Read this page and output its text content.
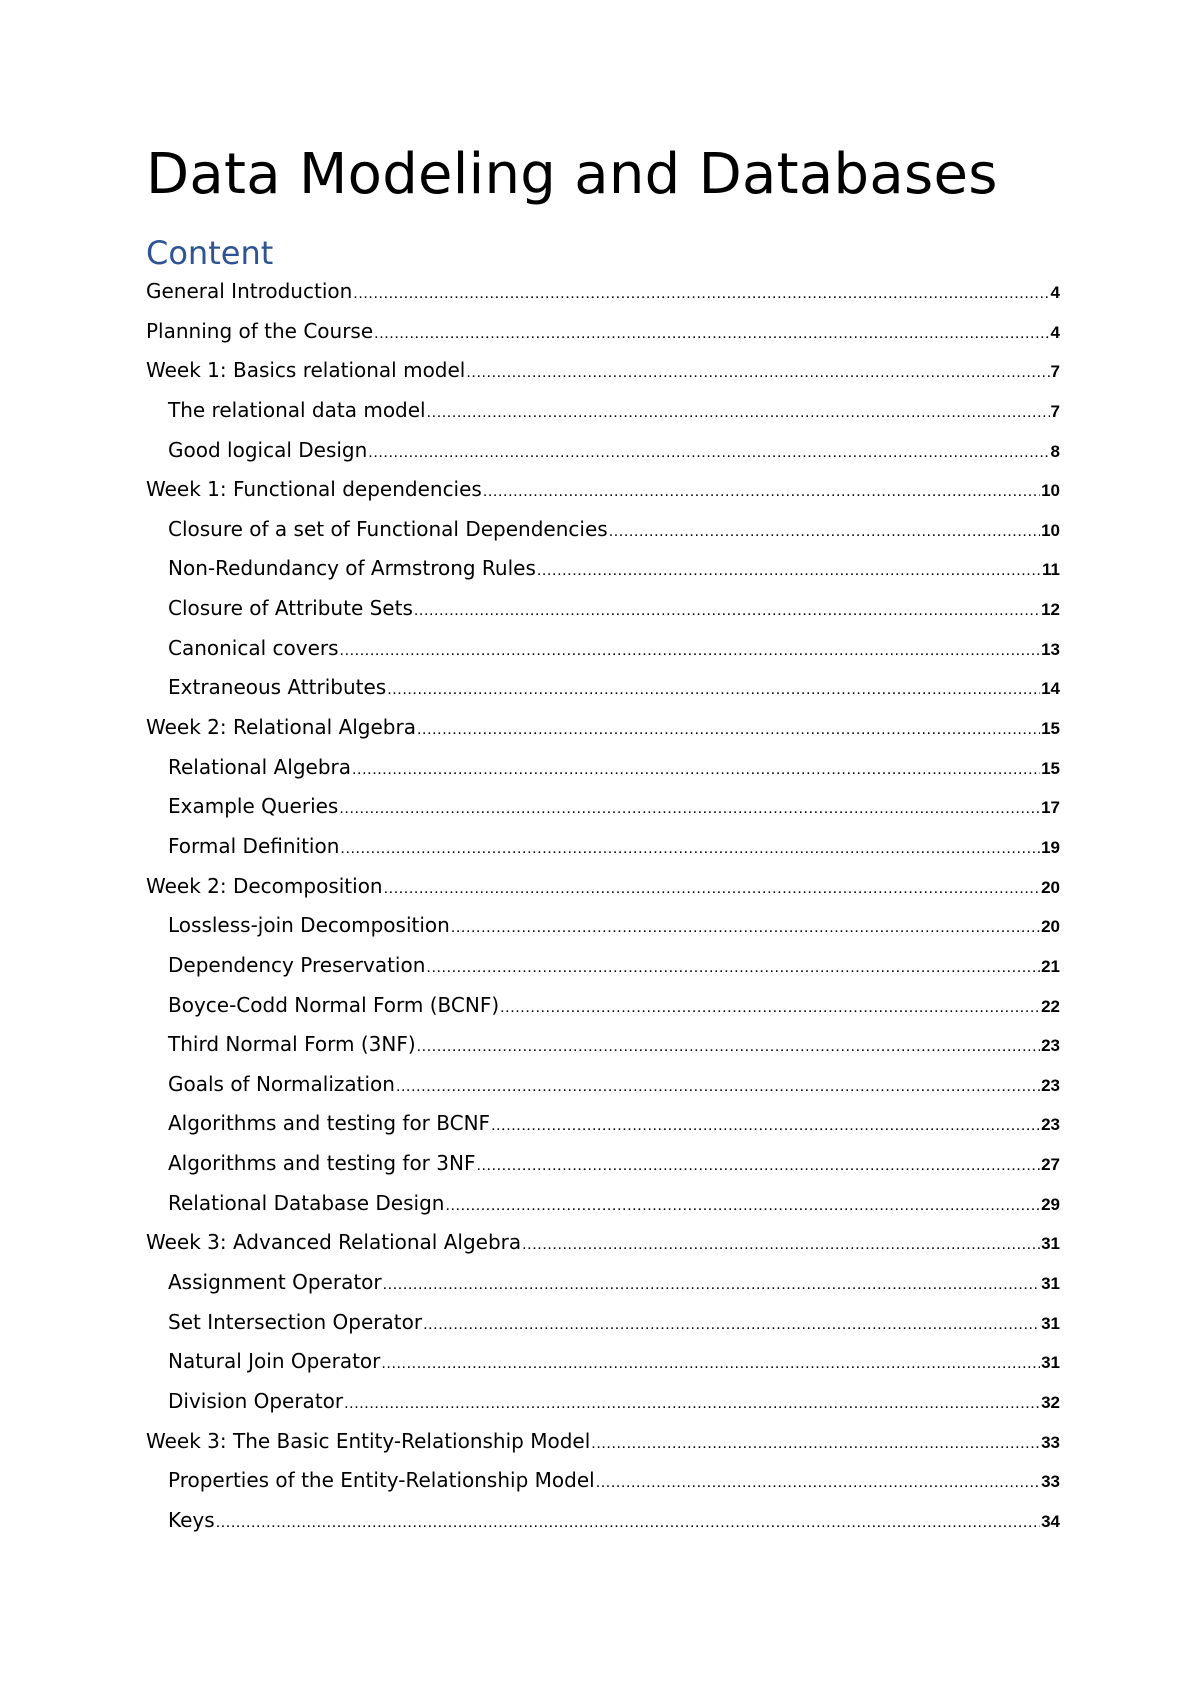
Data Modeling and Databases
Content
General Introduction .....	4
Planning of the Course .....	4
Week 1: Basics relational model .....	7
The relational data model .....	7
Good logical Design .....	8
Week 1: Functional dependencies .....	10
Closure of a set of Functional Dependencies .....	10
Non-Redundancy of Armstrong Rules .....	11
Closure of Attribute Sets .....	12
Canonical covers .....	13
Extraneous Attributes .....	14
Week 2: Relational Algebra .....	15
Relational Algebra .....	15
Example Queries .....	17
Formal Definition .....	19
Week 2: Decomposition .....	20
Lossless-join Decomposition .....	20
Dependency Preservation .....	21
Boyce-Codd Normal Form (BCNF) .....	22
Third Normal Form (3NF) .....	23
Goals of Normalization .....	23
Algorithms and testing for BCNF .....	23
Algorithms and testing for 3NF .....	27
Relational Database Design .....	29
Week 3: Advanced Relational Algebra .....	31
Assignment Operator .....	31
Set Intersection Operator .....	31
Natural Join Operator .....	31
Division Operator .....	32
Week 3: The Basic Entity-Relationship Model .....	33
Properties of the Entity-Relationship Model .....	33
Keys .....	34
